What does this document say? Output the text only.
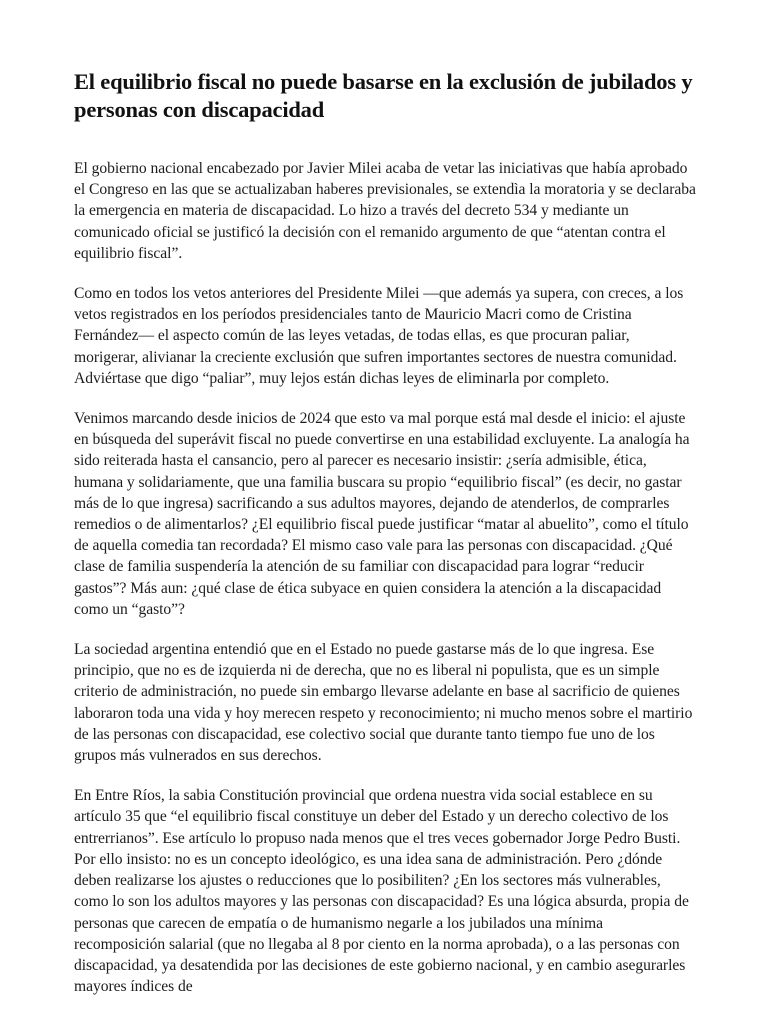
El equilibrio fiscal no puede basarse en la exclusión de jubilados y personas con discapacidad

El gobierno nacional encabezado por Javier Milei acaba de vetar las iniciativas que había aprobado el Congreso en las que se actualizaban haberes previsionales, se extendìa la moratoria y se declaraba la emergencia en materia de discapacidad. Lo hizo a través del decreto 534 y mediante un comunicado oficial se justificó la decisión con el remanido argumento de que “atentan contra el equilibrio fiscal”.

Como en todos los vetos anteriores del Presidente Milei —que además ya supera, con creces, a los vetos registrados en los períodos presidenciales tanto de Mauricio Macri como de Cristina Fernández— el aspecto común de las leyes vetadas, de todas ellas, es que procuran paliar, morigerar, alivianar la creciente exclusión que sufren importantes sectores de nuestra comunidad. Adviértase que digo “paliar”, muy lejos están dichas leyes de eliminarla por completo.

Venimos marcando desde inicios de 2024 que esto va mal porque está mal desde el inicio: el ajuste en búsqueda del superávit fiscal no puede convertirse en una estabilidad excluyente. La analogía ha sido reiterada hasta el cansancio, pero al parecer es necesario insistir: ¿sería admisible, ética, humana y solidariamente, que una familia buscara su propio “equilibrio fiscal” (es decir, no gastar más de lo que ingresa) sacrificando a sus adultos mayores, dejando de atenderlos, de comprarles remedios o de alimentarlos? ¿El equilibrio fiscal puede justificar “matar al abuelito”, como el título de aquella comedia tan recordada? El mismo caso vale para las personas con discapacidad. ¿Qué clase de familia suspendería la atención de su familiar con discapacidad para lograr “reducir gastos”? Más aun: ¿qué clase de ética subyace en quien considera la atención a la discapacidad como un “gasto”?

La sociedad argentina entendió que en el Estado no puede gastarse más de lo que ingresa. Ese principio, que no es de izquierda ni de derecha, que no es liberal ni populista, que es un simple criterio de administración, no puede sin embargo llevarse adelante en base al sacrificio de quienes laboraron toda una vida y hoy merecen respeto y reconocimiento; ni mucho menos sobre el martirio de las personas con discapacidad, ese colectivo social que durante tanto tiempo fue uno de los grupos más vulnerados en sus derechos.

En Entre Ríos, la sabia Constitución provincial que ordena nuestra vida social establece en su artículo 35 que “el equilibrio fiscal constituye un deber del Estado y un derecho colectivo de los entrerrianos”. Ese artículo lo propuso nada menos que el tres veces gobernador Jorge Pedro Busti. Por ello insisto: no es un concepto ideológico, es una idea sana de administración. Pero ¿dónde deben realizarse los ajustes o reducciones que lo posibiliten? ¿En los sectores más vulnerables, como lo son los adultos mayores y las personas con discapacidad? Es una lógica absurda, propia de personas que carecen de empatía o de humanismo negarle a los jubilados una mínima recomposición salarial (que no llegaba al 8 por ciento en la norma aprobada), o a las personas con discapacidad, ya desatendida por las decisiones de este gobierno nacional, y en cambio asegurarles mayores índices de
